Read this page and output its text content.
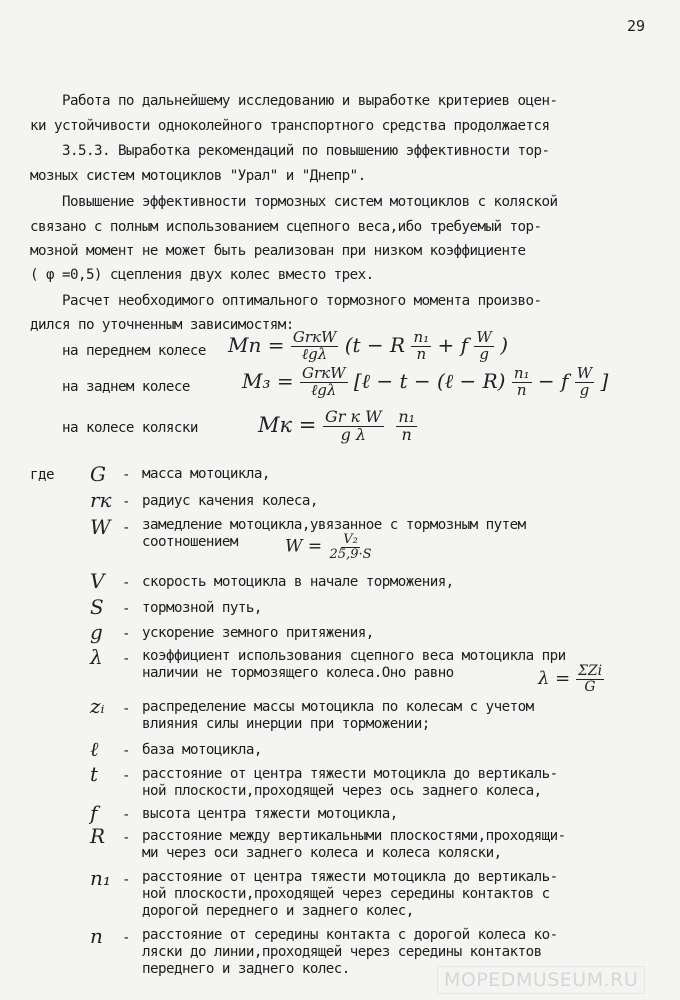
29
Работа по дальнейшему исследованию и выработке критериев оцен-
ки устойчивости одноколейного транспортного средства продолжается
3.5.3. Выработка рекомендаций по повышению эффективности тор-
мозных систем мотоциклов "Урал" и "Днепр".
Повышение эффективности тормозных систем мотоциклов с коляской
связано с полным использованием сцепного веса,ибо требуемый тор-
мозной момент не может быть реализован при низком коэффициенте
( φ =0,5) сцепления двух колес вместо трех.
Расчет необходимого оптимального тормозного момента произво-
дился по уточненным зависимостям:
на переднем колесе $Mn = \frac{\text{GrкW}}{\text{ℓgλ}} (t - R \frac{\text{n₁}}{n} + f \frac{W}{g}$ )
на заднем колесе	$M_3 = \frac{\text{GrкW}}{\text{ℓgλ}}$ [ℓ − t − (ℓ − $R) \frac{\text{n₁}}{n} - f \frac{W}{g}$ ]
на колесе коляски	Mк = $\frac{\text{Gr к W}}{\text{g λ}}$
$\frac{\text{n₁}}{n}$
где G	- масса мотоцикла,
rк - радиус качения колеса,
W - замедление мотоцикла,увязанное с тормозным путем
соотношением	$W = \frac{\text{V₂}}{25,9\cdot S}$
V	- скорость мотоцикла в начале торможения,
S	- тормозной путь,
g	- ускорение земного притяжения,
λ	- коэффициент использования сцепного веса мотоцикла при
наличии не тормозящего колеса.Оно равно	$\lambda = \frac{\text{ΣZi}}{G}$
zᵢ	- распределение массы мотоцикла по колесам с учетом
влияния силы инерции при торможении;
ℓ	- база мотоцикла,
t	- расстояние от центра тяжести мотоцикла до вертикаль-
ной плоскости,проходящей через ось заднего колеса,
f	- высота центра тяжести мотоцикла,
R	- расстояние между вертикальными плоскостями,проходящи-
ми через оси заднего колеса и колеса коляски,
n₁ - расстояние от центра тяжести мотоцикла до вертикаль-
ной плоскости,проходящей через середины контактов с
дорогой переднего и заднего колес,
n	- расстояние от середины контакта с дорогой колеса ко-
ляски до линии,проходящей через середины контактов
переднего и заднего колес.	MOPEDMUSEUM.RU
